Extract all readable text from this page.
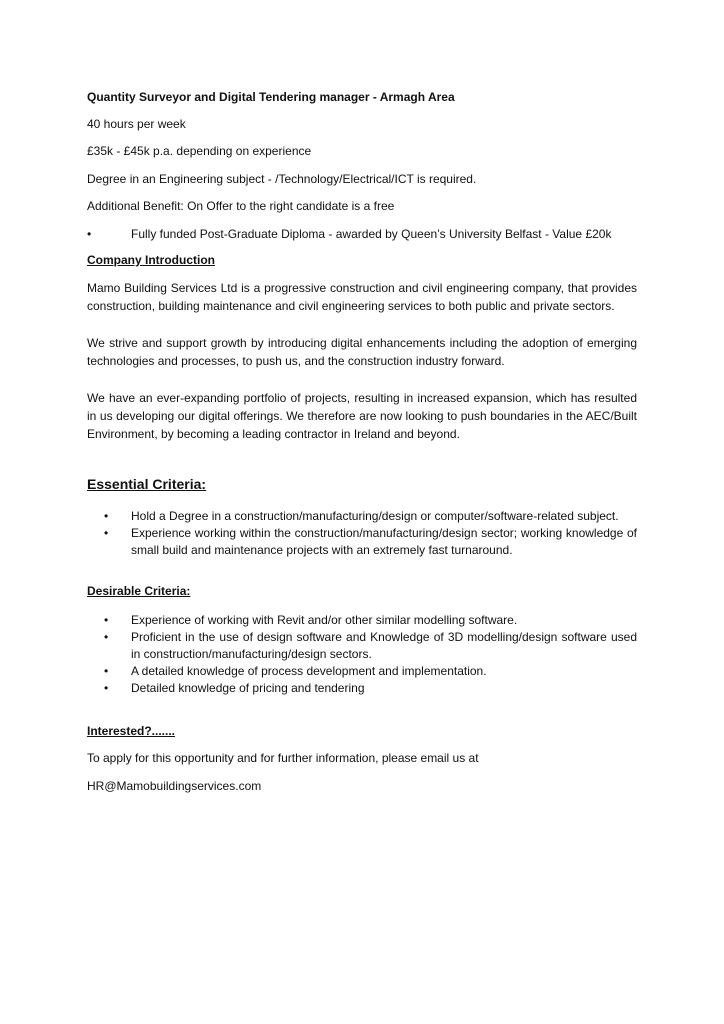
Quantity Surveyor and Digital Tendering manager - Armagh Area
40 hours per week
£35k - £45k p.a. depending on experience
Degree in an Engineering subject - /Technology/Electrical/ICT is required.
Additional Benefit: On Offer to the right candidate is a free
•	Fully funded Post-Graduate Diploma - awarded by Queen’s University Belfast - Value £20k
Company Introduction
Mamo Building Services Ltd is a progressive construction and civil engineering company, that provides construction, building maintenance and civil engineering services to both public and private sectors.
We strive and support growth by introducing digital enhancements including the adoption of emerging technologies and processes, to push us, and the construction industry forward.
We have an ever-expanding portfolio of projects, resulting in increased expansion, which has resulted in us developing our digital offerings. We therefore are now looking to push boundaries in the AEC/Built Environment, by becoming a leading contractor in Ireland and beyond.
Essential Criteria:
• Hold a Degree in a construction/manufacturing/design or computer/software-related subject.
• Experience working within the construction/manufacturing/design sector; working knowledge of small build and maintenance projects with an extremely fast turnaround.
Desirable Criteria:
• Experience of working with Revit and/or other similar modelling software.
• Proficient in the use of design software and Knowledge of 3D modelling/design software used in construction/manufacturing/design sectors.
• A detailed knowledge of process development and implementation.
• Detailed knowledge of pricing and tendering
Interested?.......
To apply for this opportunity and for further information, please email us at
HR@Mamobuildingservices.com
